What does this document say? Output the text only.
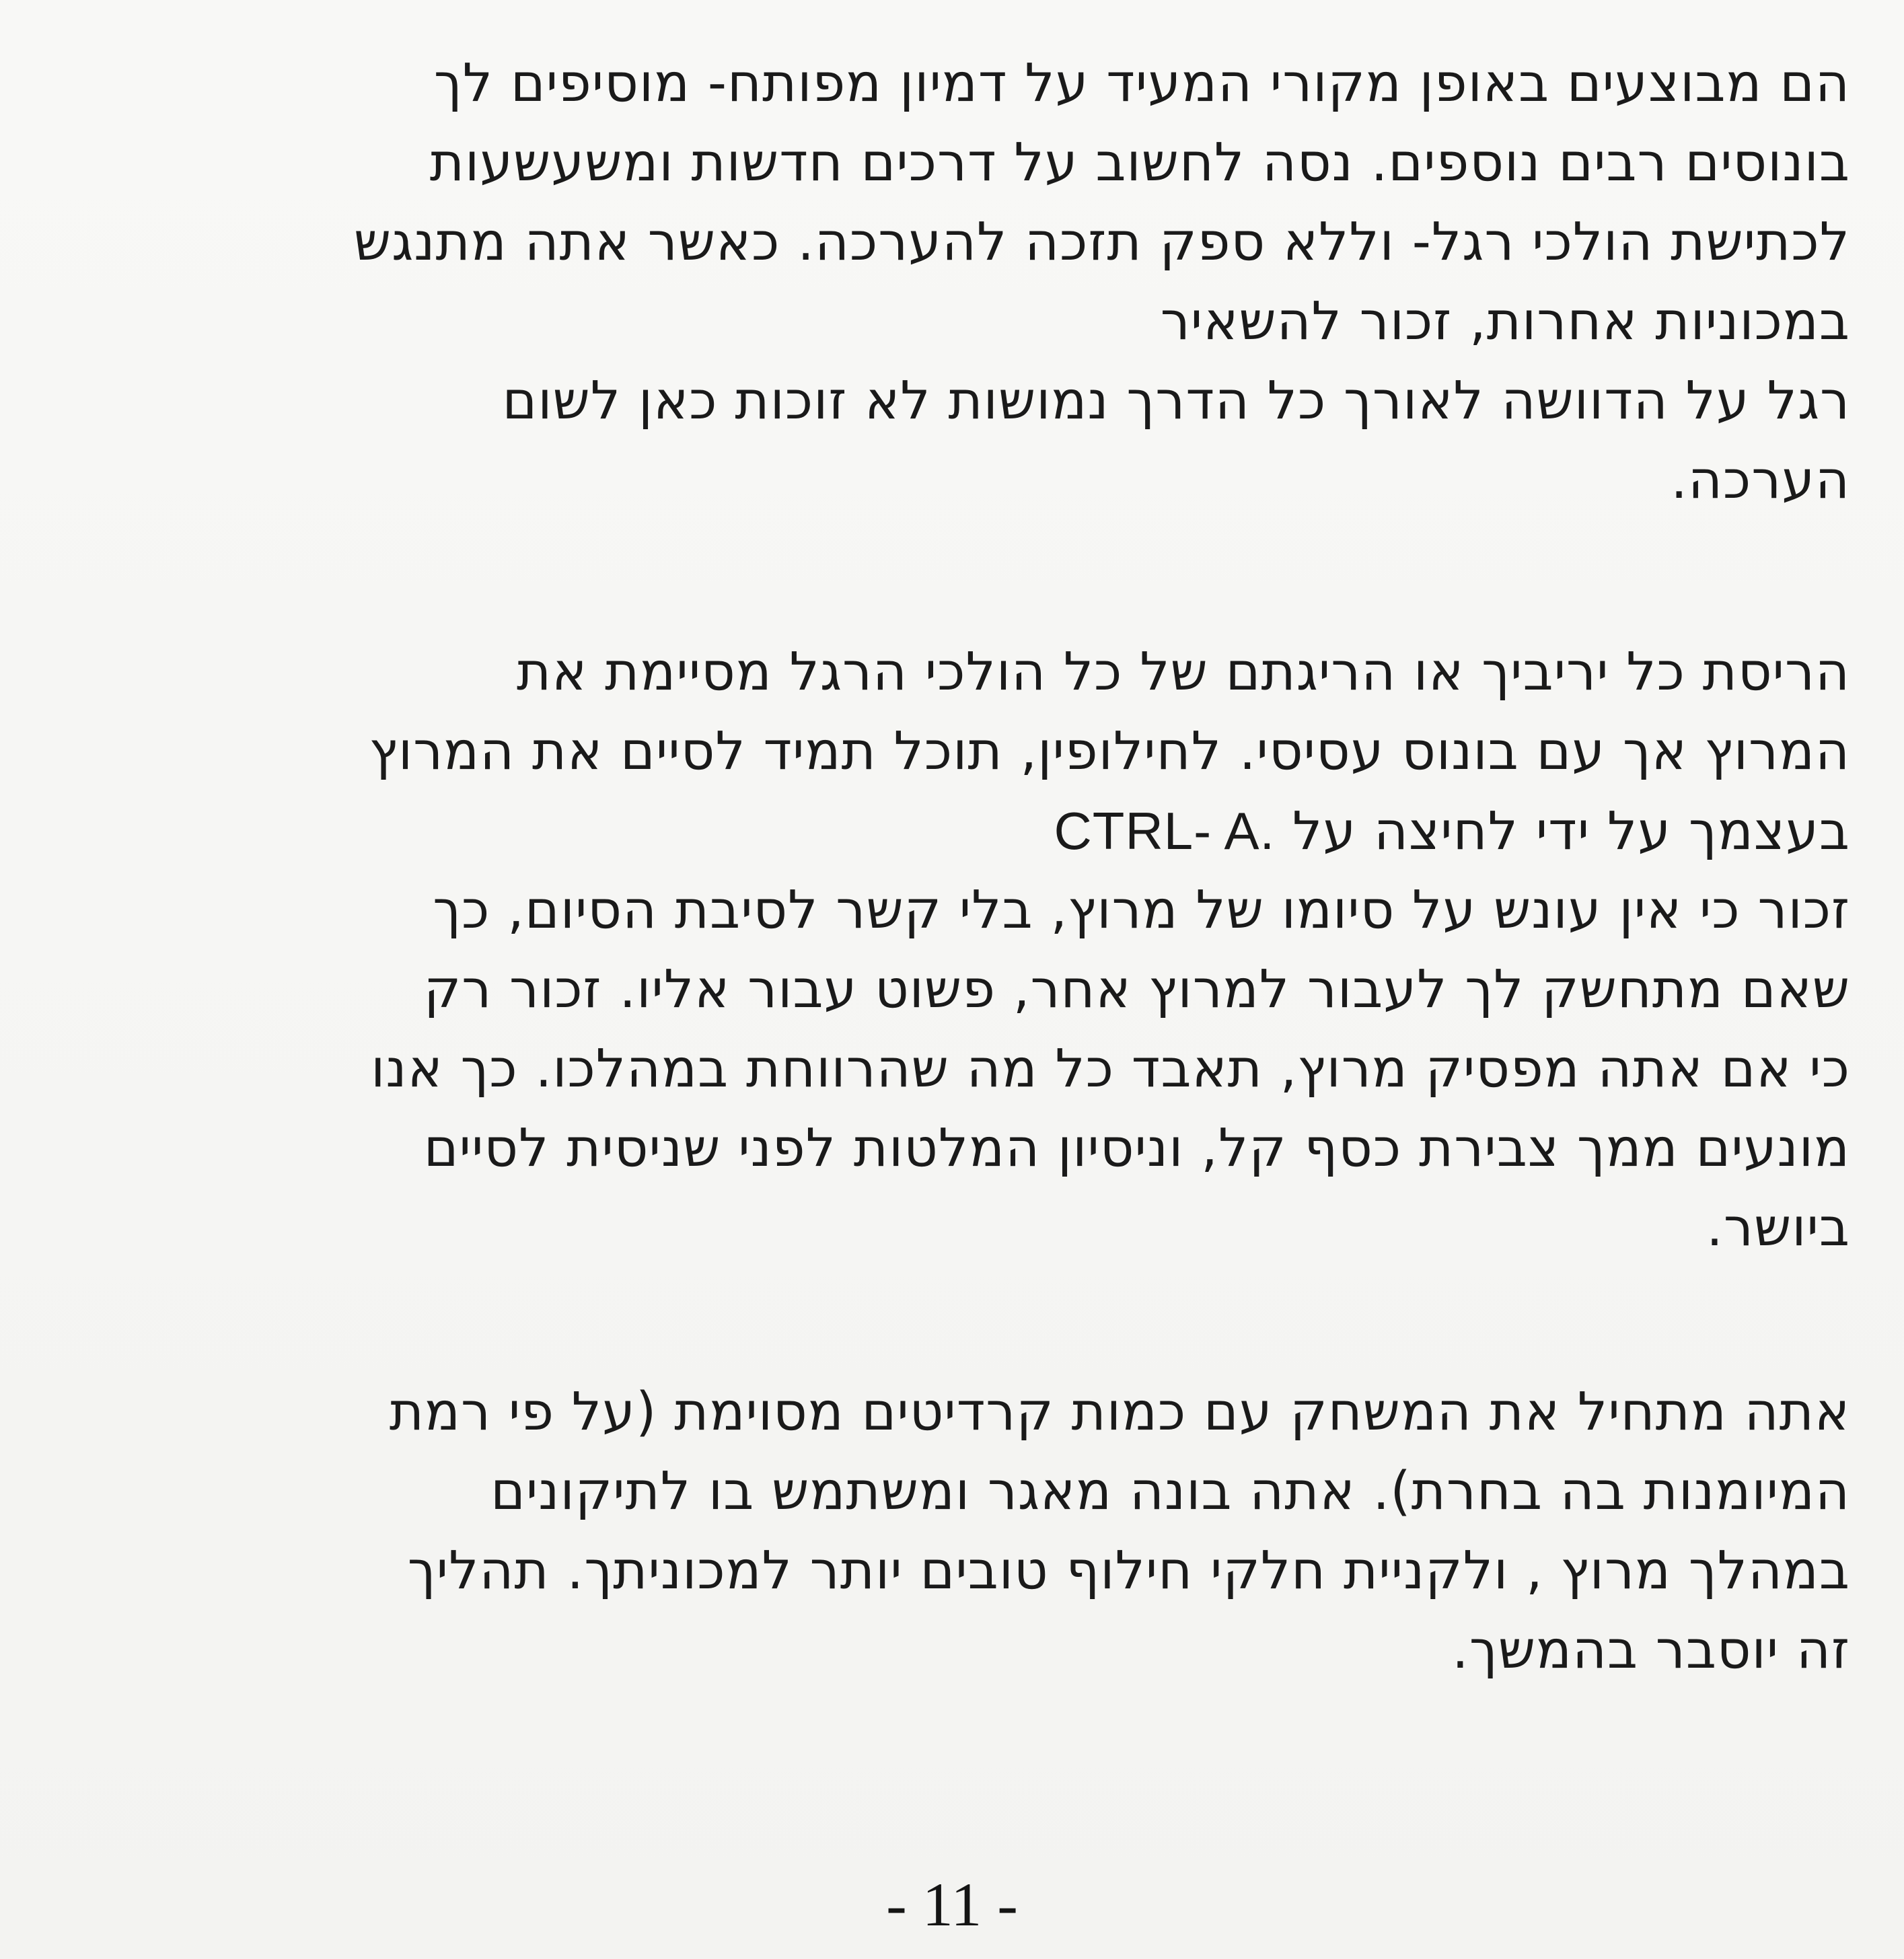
הם מבוצעים באופן מקורי המעיד על דמיון מפותח- מוסיפים לך
בונוסים רבים נוספים. נסה לחשוב על דרכים חדשות ומשעשעות
לכתישת הולכי רגל- וללא ספק תזכה להערכה. כאשר אתה מתנגש
במכוניות אחרות, זכור להשאיר
רגל על הדוושה לאורך כל הדרך נמושות לא זוכות כאן לשום
הערכה.
הריסת כל יריביך או הריגתם של כל הולכי הרגל מסיימת את
המרוץ אך עם בונוס עסיסי. לחילופין, תוכל תמיד לסיים את המרוץ
בעצמך על ידי לחיצה על CTRL- A.
זכור כי אין עונש על סיומו של מרוץ, בלי קשר לסיבת הסיום, כך
שאם מתחשק לך לעבור למרוץ אחר, פשוט עבור אליו. זכור רק
כי אם אתה מפסיק מרוץ, תאבד כל מה שהרווחת במהלכו. כך אנו
מונעים ממך צבירת כסף קל, וניסיון המלטות לפני שניסית לסיים
ביושר.
אתה מתחיל את המשחק עם כמות קרדיטים מסוימת (על פי רמת
המיומנות בה בחרת). אתה בונה מאגר ומשתמש בו לתיקונים
במהלך מרוץ , ולקניית חלקי חילוף טובים יותר למכוניתך. תהליך
זה יוסבר בהמשך.
- 11 -
